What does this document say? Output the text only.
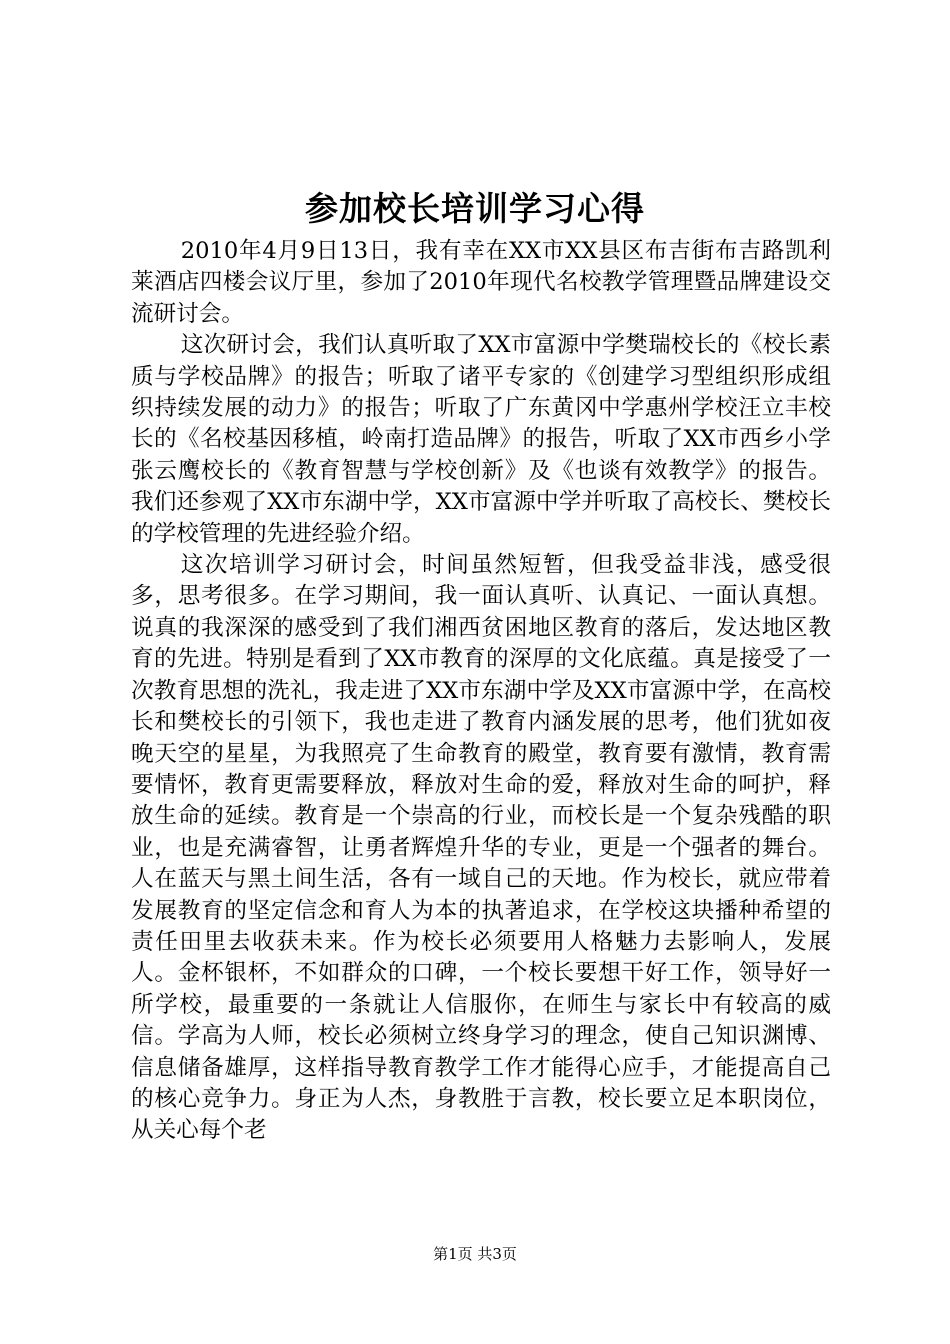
参加校长培训学习心得

2010年4月9日13日，我有幸在XX市XX县区布吉街布吉路凯利莱酒店四楼会议厅里，参加了2010年现代名校教学管理暨品牌建设交流研讨会。

这次研讨会，我们认真听取了XX市富源中学樊瑞校长的《校长素质与学校品牌》的报告；听取了诸平专家的《创建学习型组织形成组织持续发展的动力》的报告；听取了广东黄冈中学惠州学校汪立丰校长的《名校基因移植，岭南打造品牌》的报告，听取了XX市西乡小学张云鹰校长的《教育智慧与学校创新》及《也谈有效教学》的报告。我们还参观了XX市东湖中学，XX市富源中学并听取了高校长、樊校长的学校管理的先进经验介绍。

这次培训学习研讨会，时间虽然短暂，但我受益非浅，感受很多，思考很多。在学习期间，我一面认真听、认真记、一面认真想。说真的我深深的感受到了我们湘西贫困地区教育的落后，发达地区教育的先进。特别是看到了XX市教育的深厚的文化底蕴。真是接受了一次教育思想的洗礼，我走进了XX市东湖中学及XX市富源中学，在高校长和樊校长的引领下，我也走进了教育内涵发展的思考，他们犹如夜晚天空的星星，为我照亮了生命教育的殿堂，教育要有激情，教育需要情怀，教育更需要释放，释放对生命的爱，释放对生命的呵护，释放生命的延续。教育是一个崇高的行业，而校长是一个复杂残酷的职业，也是充满睿智，让勇者辉煌升华的专业，更是一个强者的舞台。人在蓝天与黑土间生活，各有一域自己的天地。作为校长，就应带着发展教育的坚定信念和育人为本的执著追求，在学校这块播种希望的责任田里去收获未来。作为校长必须要用人格魅力去影响人，发展人。金杯银杯，不如群众的口碑，一个校长要想干好工作，领导好一所学校，最重要的一条就让人信服你，在师生与家长中有较高的威信。学高为人师，校长必须树立终身学习的理念，使自己知识渊博、信息储备雄厚，这样指导教育教学工作才能得心应手，才能提高自己的核心竞争力。身正为人杰，身教胜于言教，校长要立足本职岗位，从关心每个老

第1页 共3页
